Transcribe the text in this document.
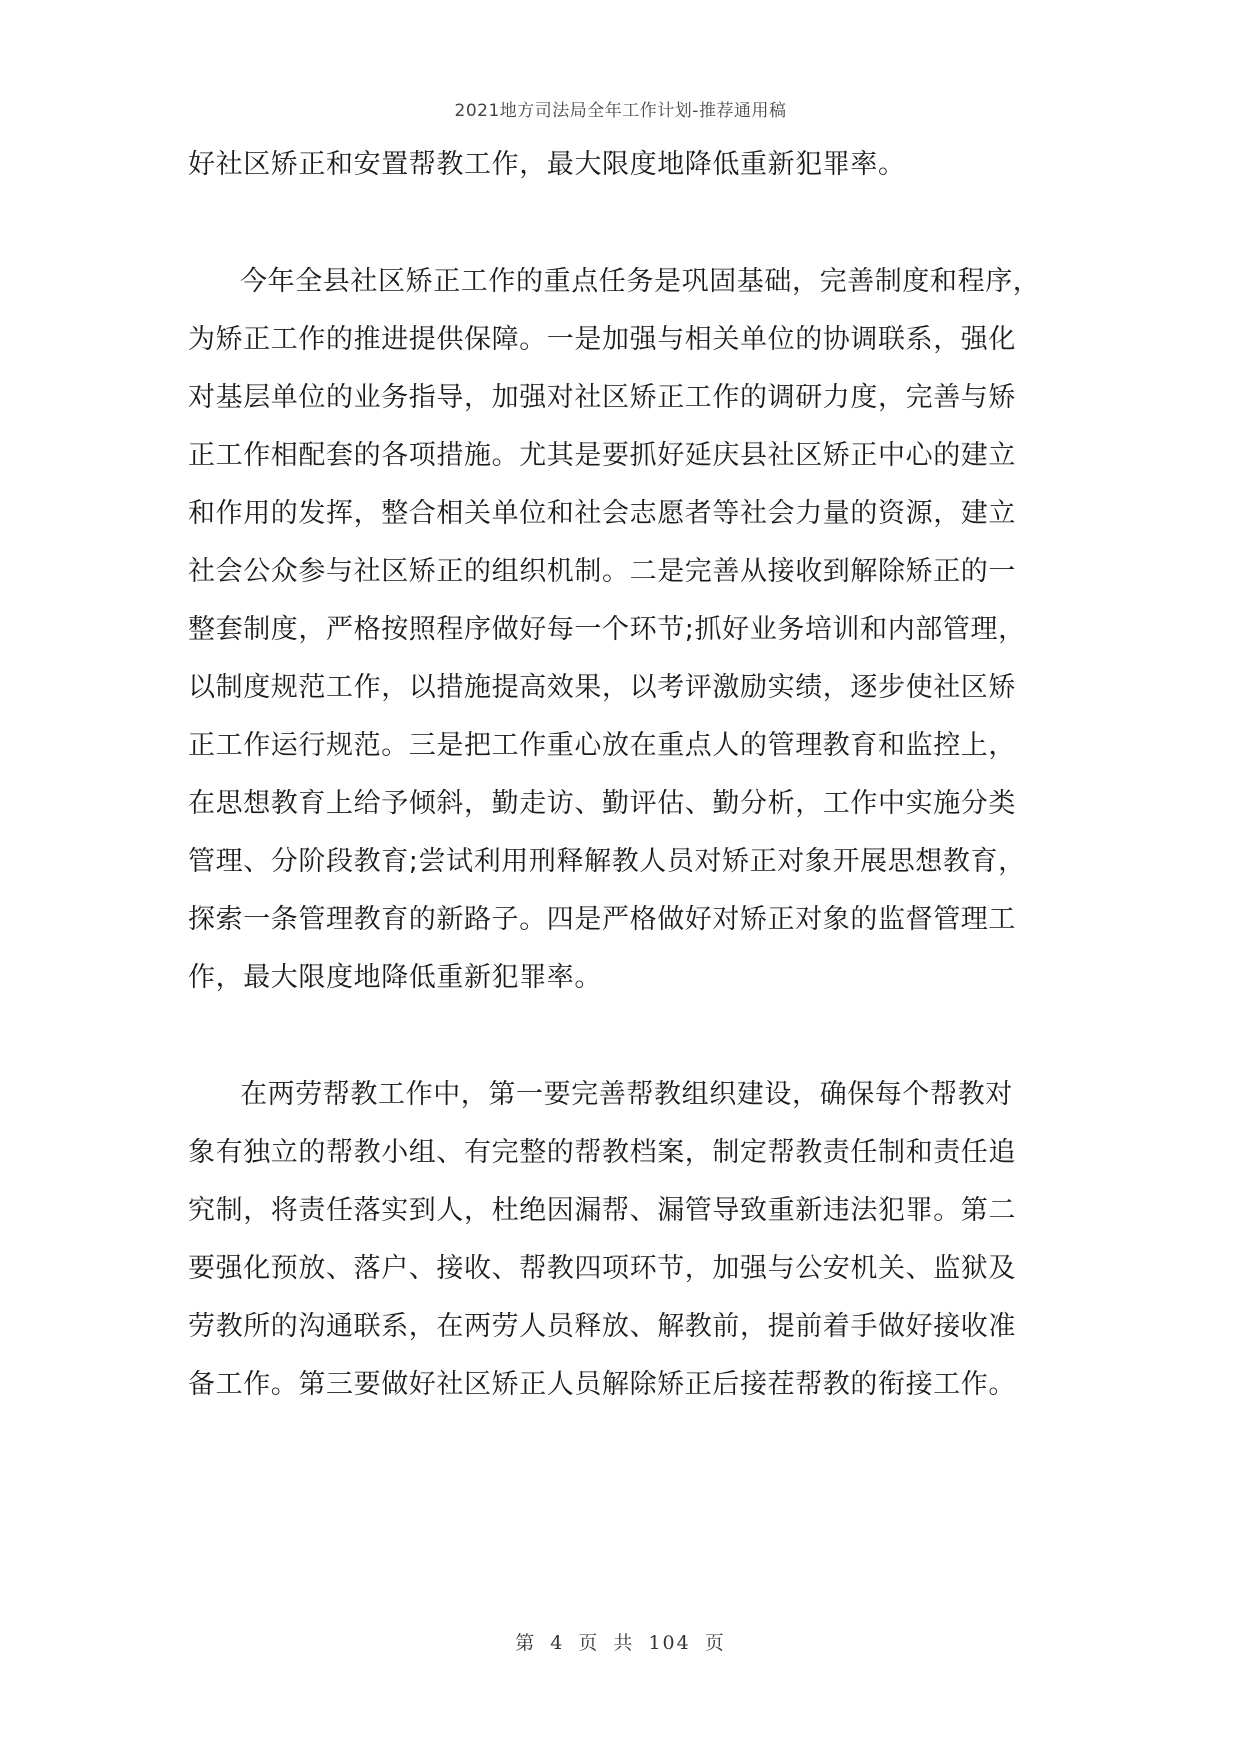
2021地方司法局全年工作计划-推荐通用稿
好社区矫正和安置帮教工作，最大限度地降低重新犯罪率。
今年全县社区矫正工作的重点任务是巩固基础，完善制度和程序，
为矫正工作的推进提供保障。一是加强与相关单位的协调联系，强化
对基层单位的业务指导，加强对社区矫正工作的调研力度，完善与矫
正工作相配套的各项措施。尤其是要抓好延庆县社区矫正中心的建立
和作用的发挥，整合相关单位和社会志愿者等社会力量的资源，建立
社会公众参与社区矫正的组织机制。二是完善从接收到解除矫正的一
整套制度，严格按照程序做好每一个环节;抓好业务培训和内部管理，
以制度规范工作，以措施提高效果，以考评激励实绩，逐步使社区矫
正工作运行规范。三是把工作重心放在重点人的管理教育和监控上，
在思想教育上给予倾斜，勤走访、勤评估、勤分析，工作中实施分类
管理、分阶段教育;尝试利用刑释解教人员对矫正对象开展思想教育，
探索一条管理教育的新路子。四是严格做好对矫正对象的监督管理工
作，最大限度地降低重新犯罪率。
在两劳帮教工作中，第一要完善帮教组织建设，确保每个帮教对
象有独立的帮教小组、有完整的帮教档案，制定帮教责任制和责任追
究制，将责任落实到人，杜绝因漏帮、漏管导致重新违法犯罪。第二
要强化预放、落户、接收、帮教四项环节，加强与公安机关、监狱及
劳教所的沟通联系，在两劳人员释放、解教前，提前着手做好接收准
备工作。第三要做好社区矫正人员解除矫正后接茬帮教的衔接工作。
第 4 页 共 104 页
